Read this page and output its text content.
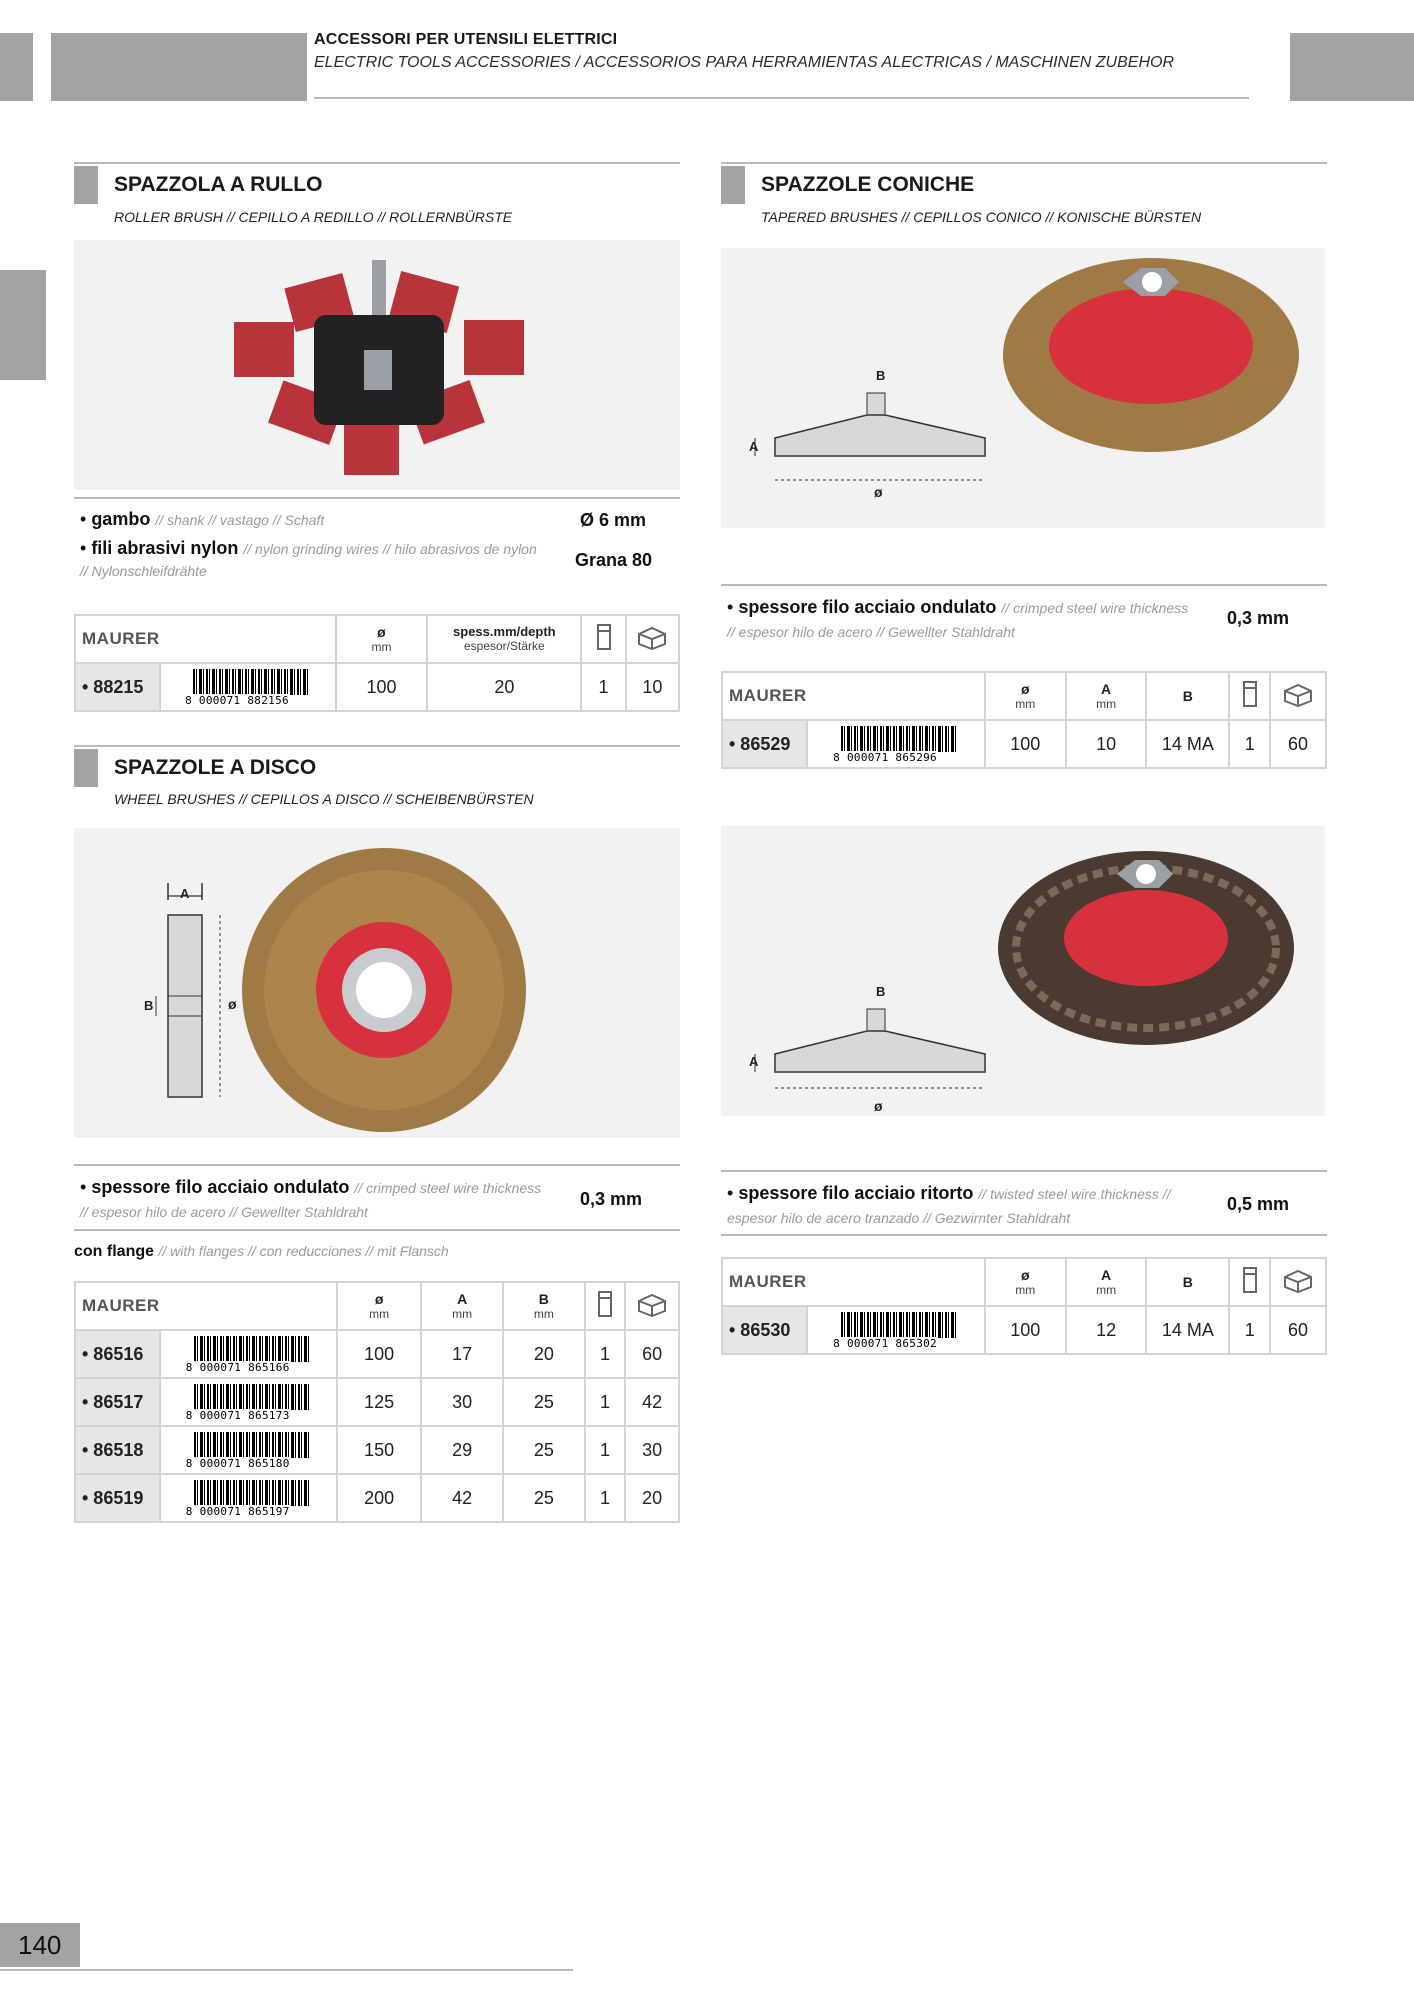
ACCESSORI PER UTENSILI ELETTRICI
ELECTRIC TOOLS ACCESSORIES / ACCESSORIOS PARA HERRAMIENTAS ALECTRICAS / MASCHINEN ZUBEHOR
SPAZZOLA A RULLO
ROLLER BRUSH // CEPILLO A REDILLO // ROLLERNBÜRSTE
• gambo // shank // vastago // Schaft	Ø 6 mm
• fili abrasivi nylon // nylon grinding wires // hilo abrasivos de nylon
// Nylonschleifdrähte
Grana 80
MAURER		ø
mm	spess.mm/depth
espesor/Stärke

• 88215	8 000071 882156	100	20	1	10
SPAZZOLE A DISCO
WHEEL BRUSHES // CEPILLOS A DISCO // SCHEIBENBÜRSTEN
A
B	ø
• spessore filo acciaio ondulato // crimped steel wire thickness
// espesor hilo de acero // Gewellter Stahldraht
0,3 mm
con flange // with flanges // con reducciones // mit Flansch
MAURER		ø
mm	A
mm	B
mm

• 86516	8 000071 865166	100	17	20	1	60
• 86517	8 000071 865173	125	30	25	1	42
• 86518	8 000071 865180	150	29	25	1	30
• 86519	8 000071 865197	200	42	25	1	20
SPAZZOLE CONICHE
TAPERED BRUSHES // CEPILLOS CONICO // KONISCHE BÜRSTEN
B
A
ø
• spessore filo acciaio ondulato // crimped steel wire thickness
// espesor hilo de acero // Gewellter Stahldraht
0,3 mm
MAURER		ø
mm	A
mm	B

• 86529	8 000071 865296	100	10	14 MA	1	60
B
A
ø
• spessore filo acciaio ritorto // twisted steel wire thickness //
espesor hilo de acero tranzado // Gezwirnter Stahldraht
0,5 mm
MAURER		ø
mm	A
mm	B

• 86530	8 000071 865302	100	12	14 MA	1	60
140
